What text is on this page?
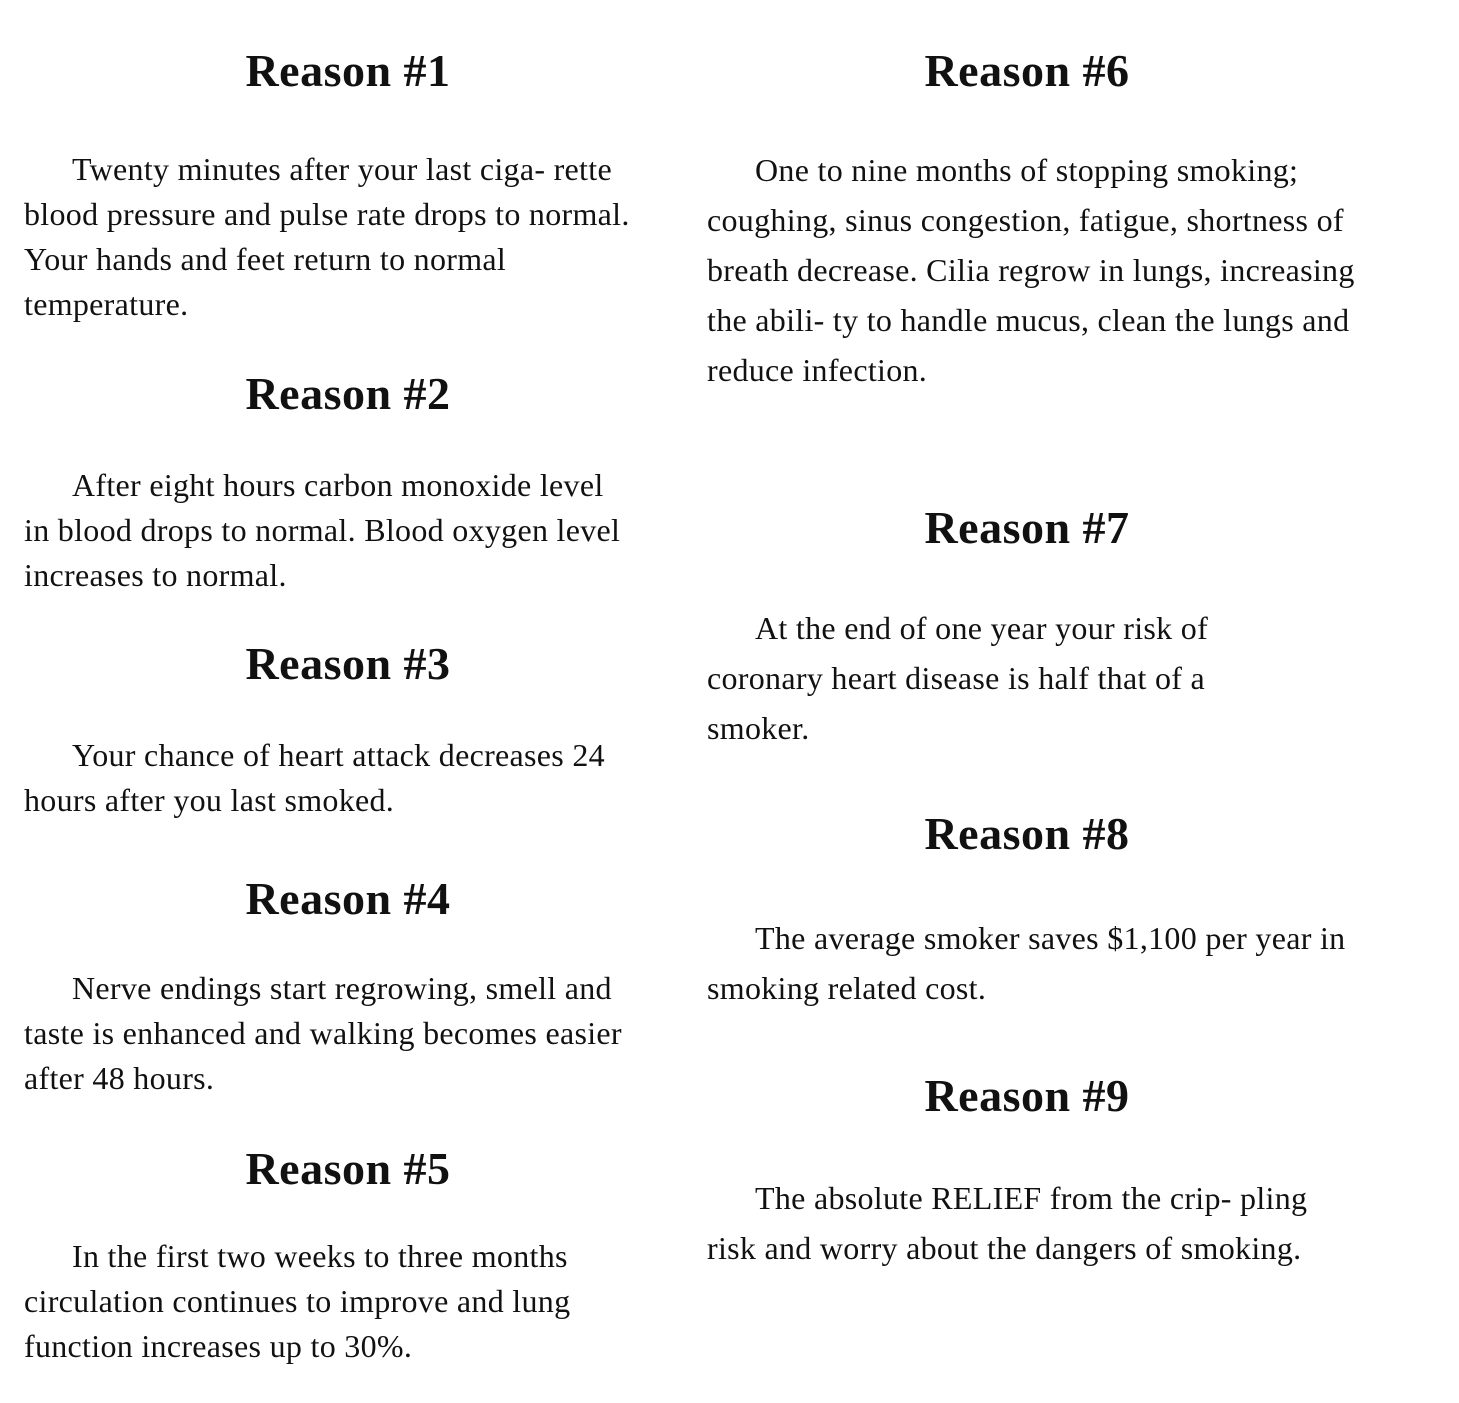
Reason #1

Twenty minutes after your last ciga- rette blood pressure and pulse rate drops to normal. Your hands and feet return to normal temperature.

Reason #2

After eight hours carbon monoxide level in blood drops to normal. Blood oxygen level increases to normal.

Reason #3

Your chance of heart attack decreases 24 hours after you last smoked.

Reason #4

Nerve endings start regrowing, smell and taste is enhanced and walking becomes easier after 48 hours.

Reason #5

In the first two weeks to three months circulation continues to improve and lung function increases up to 30%.

Reason #6

One to nine months of stopping smoking; coughing, sinus congestion, fatigue, shortness of breath decrease. Cilia regrow in lungs, increasing the abili- ty to handle mucus, clean the lungs and reduce infection.

Reason #7

At the end of one year your risk of coronary heart disease is half that of a smoker.

Reason #8

The average smoker saves $1,100 per year in smoking related cost.

Reason #9

The absolute RELIEF from the crip- pling risk and worry about the dangers of smoking.
